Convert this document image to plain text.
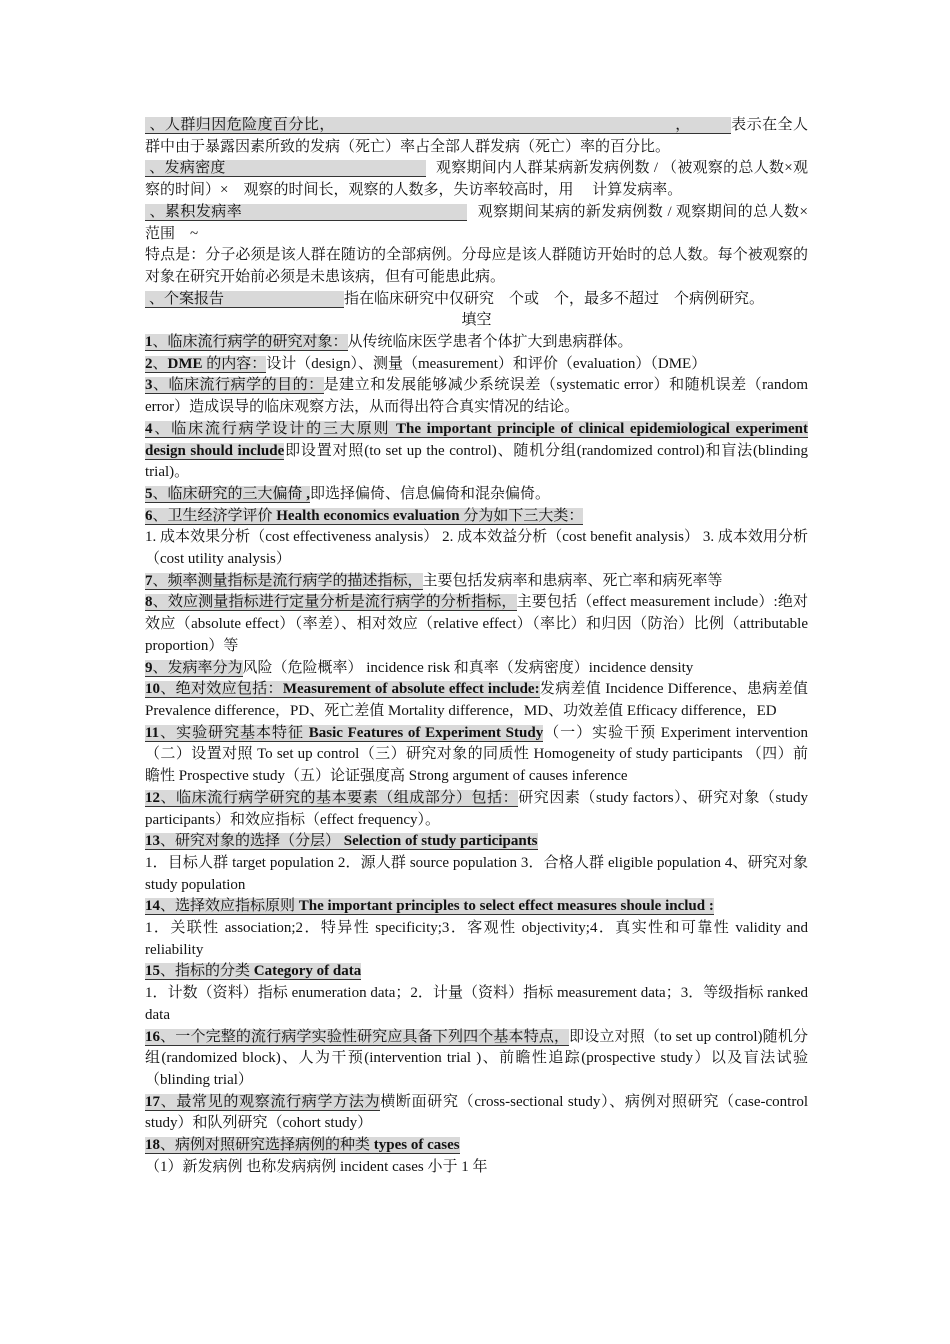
、人群归因危险度百分比，	，	表示在全人群中由于暴露因素所致的发病（死亡）率占全部人群发病（死亡）率的百分比。

、发病密度	观察期间内人群某病新发病例数 / （被观察的总人数×观察的时间）×　观察的时间长，观察的人数多，失访率较高时，用　 计算发病率。

、累积发病率	观察期间某病的新发病例数 / 观察期间的总人数×　范围　~

特点是：分子必须是该人群在随访的全部病例。分母应是该人群随访开始时的总人数。每个被观察的对象在研究开始前必须是未患该病，但有可能患此病。

、个案报告	指在临床研究中仅研究　个或　个，最多不超过　个病例研究。

填空

1、临床流行病学的研究对象：从传统临床医学患者个体扩大到患病群体。

2、DME 的内容：设计（design）、测量（measurement）和评价（evaluation）（DME）

3、临床流行病学的目的：是建立和发展能够减少系统误差（systematic error）和随机误差（random error）造成误导的临床观察方法，从而得出符合真实情况的结论。

4、临床流行病学设计的三大原则 The important principle of clinical epidemiological experiment design should include即设置对照(to set up the control)、随机分组(randomized control)和盲法(blinding trial)。

5、临床研究的三大偏倚 ,即选择偏倚、信息偏倚和混杂偏倚。

6、卫生经济学评价 Health economics evaluation 分为如下三大类：

1. 成本效果分析（cost effectiveness analysis） 2. 成本效益分析（cost benefit analysis） 3. 成本效用分析（cost utility analysis）

7、频率测量指标是流行病学的描述指标，主要包括发病率和患病率、死亡率和病死率等

8、效应测量指标进行定量分析是流行病学的分析指标，主要包括（effect measurement include）:绝对效应（absolute effect）（率差）、相对效应（relative effect）（率比）和归因（防治）比例（attributable proportion）等

9、发病率分为风险（危险概率） incidence risk 和真率（发病密度）incidence density

10、绝对效应包括：Measurement of absolute effect include:发病差值 Incidence Difference、患病差值 Prevalence difference，PD、死亡差值 Mortality difference，MD、功效差值 Efficacy difference，ED

11、实验研究基本特征 Basic Features of Experiment Study（一）实验干预 Experiment intervention（二）设置对照 To set up control（三）研究对象的同质性 Homogeneity of study participants （四）前瞻性 Prospective study（五）论证强度高 Strong argument of causes inference

12、临床流行病学研究的基本要素（组成部分）包括：研究因素（study factors）、研究对象（study participants）和效应指标（effect frequency）。

13、研究对象的选择（分层） Selection of study participants

1．目标人群 target population 2．源人群 source population 3．合格人群 eligible population 4、研究对象 study population

14、选择效应指标原则 The important principles to select effect measures shoule includ :

1．关联性 association;2．特异性 specificity;3．客观性 objectivity;4．真实性和可靠性 validity and reliability

15、指标的分类 Category of data

1．计数（资料）指标 enumeration data；2．计量（资料）指标 measurement data；3．等级指标 ranked data

16、一个完整的流行病学实验性研究应具备下列四个基本特点，即设立对照（to set up control)随机分组(randomized block)、人为干预(intervention trial )、前瞻性追踪(prospective study）以及盲法试验（blinding trial）

17、最常见的观察流行病学方法为横断面研究（cross-sectional study）、病例对照研究（case-control study）和队列研究（cohort study）

18、病例对照研究选择病例的种类 types of cases

（1）新发病例 也称发病病例 incident cases 小于 1 年
